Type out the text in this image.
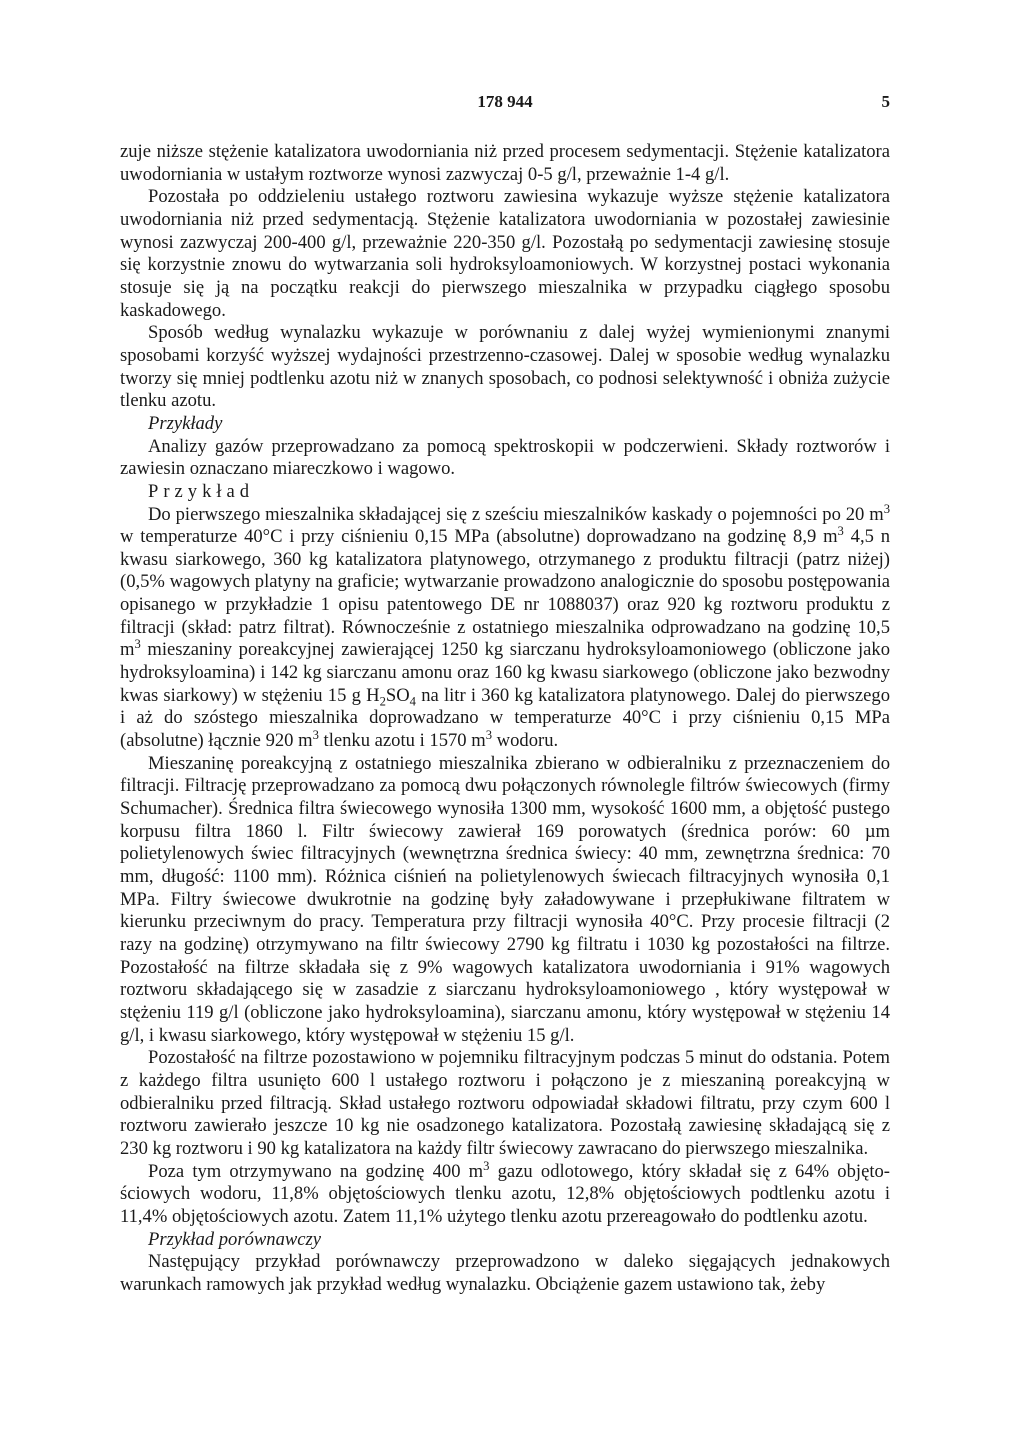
178 944	5

zuje niższe stężenie katalizatora uwodorniania niż przed procesem sedymentacji. Stężenie katalizatora uwodorniania w ustałym roztworze wynosi zazwyczaj 0-5 g/l, przeważnie 1-4 g/l.

Pozostała po oddzieleniu ustałego roztworu zawiesina wykazuje wyższe stężenie katalizatora uwodorniania niż przed sedymentacją. Stężenie katalizatora uwodorniania w pozostałej zawiesinie wynosi zazwyczaj 200-400 g/l, przeważnie 220-350 g/l. Pozostałą po sedymentacji zawiesinę stosuje się korzystnie znowu do wytwarzania soli hydroksyloamoniowych. W korzystnej postaci wykonania stosuje się ją na początku reakcji do pierwszego mieszalnika w przypadku ciągłego sposobu kaskadowego.

Sposób według wynalazku wykazuje w porównaniu z dalej wyżej wymienionymi znanymi sposobami korzyść wyższej wydajności przestrzenno-czasowej. Dalej w sposobie według wynalazku tworzy się mniej podtlenku azotu niż w znanych sposobach, co podnosi selektywność i obniża zużycie tlenku azotu.

Przykłady

Analizy gazów przeprowadzano za pomocą spektroskopii w podczerwieni. Składy roztworów i zawiesin oznaczano miareczkowo i wagowo.

Przykład

Do pierwszego mieszalnika składającej się z sześciu mieszalników kaskady o pojemności po 20 $m^3$ w temperaturze 40°C i przy ciśnieniu 0,15 MPa (absolutne) doprowadzano na godzinę 8,9 $m^3$ 4,5 n kwasu siarkowego, 360 kg katalizatora platynowego, otrzymanego z produktu filtracji (patrz niżej) (0,5% wagowych platyny na graficie; wytwarzanie prowadzono analogicznie do sposobu postępowania opisanego w przykładzie 1 opisu patentowego DE nr 1088037) oraz 920 kg roztworu produktu z filtracji (skład: patrz filtrat). Równocześnie z ostatniego mieszalnika odprowadzano na godzinę 10,5 $m^3$ mieszaniny poreakcyjnej zawierającej 1250 kg siarczanu hydroksyloamoniowego (obliczone jako hydroksyloamina) i 142 kg siarczanu amonu oraz 160 kg kwasu siarkowego (obliczone jako bezwodny kwas siarkowy) w stężeniu 15 g $H_2SO_4$ na litr i 360 kg katalizatora platynowego. Dalej do pierwszego i aż do szóstego mieszalnika doprowadzano w temperaturze 40°C i przy ciśnieniu 0,15 MPa (absolutne) łącznie 920 $m^3$ tlenku azotu i 1570 $m^3$ wodoru.

Mieszaninę poreakcyjną z ostatniego mieszalnika zbierano w odbieralniku z przeznaczeniem do filtracji. Filtrację przeprowadzano za pomocą dwu połączonych równolegle filtrów świecowych (firmy Schumacher). Średnica filtra świecowego wynosiła 1300 mm, wysokość 1600 mm, a objętość pustego korpusu filtra 1860 l. Filtr świecowy zawierał 169 porowatych (średnica porów: 60 µm polietylenowych świec filtracyjnych (wewnętrzna średnica świecy: 40 mm, zewnętrzna średnica: 70 mm, długość: 1100 mm). Różnica ciśnień na polietylenowych świecach filtracyjnych wynosiła 0,1 MPa. Filtry świecowe dwukrotnie na godzinę były załadowywane i przepłukiwane filtratem w kierunku przeciwnym do pracy. Temperatura przy filtracji wynosiła 40°C. Przy procesie filtracji (2 razy na godzinę) otrzymywano na filtr świecowy 2790 kg filtratu i 1030 kg pozostałości na filtrze. Pozostałość na filtrze składała się z 9% wagowych katalizatora uwodorniania i 91% wagowych roztworu składającego się w zasadzie z siarczanu hydroksyloamoniowego , który występował w stężeniu 119 g/l (obliczone jako hydroksyloamina), siarczanu amonu, który występował w stężeniu 14 g/l, i kwasu siarkowego, który występował w stężeniu 15 g/l.

Pozostałość na filtrze pozostawiono w pojemniku filtracyjnym podczas 5 minut do odstania. Potem z każdego filtra usunięto 600 l ustałego roztworu i połączono je z mieszaniną poreakcyjną w odbieralniku przed filtracją. Skład ustałego roztworu odpowiadał składowi filtratu, przy czym 600 l roztworu zawierało jeszcze 10 kg nie osadzonego katalizatora. Pozostałą zawiesinę składającą się z 230 kg roztworu i 90 kg katalizatora na każdy filtr świecowy zawracano do pierwszego mieszalnika.

Poza tym otrzymywano na godzinę 400 $m^3$ gazu odlotowego, który składał się z 64% objętościowych wodoru, 11,8% objętościowych tlenku azotu, 12,8% objętościowych podtlenku azotu i 11,4% objętościowych azotu. Zatem 11,1% użytego tlenku azotu przereagowało do podtlenku azotu.

Przykład porównawczy

Następujący przykład porównawczy przeprowadzono w daleko sięgających jednakowych warunkach ramowych jak przykład według wynalazku. Obciążenie gazem ustawiono tak, żeby
